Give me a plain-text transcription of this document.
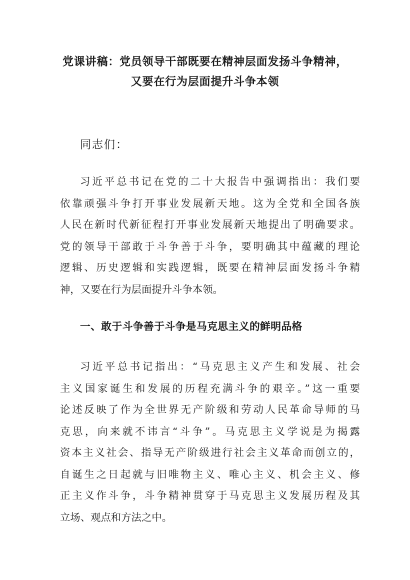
党课讲稿：党员领导干部既要在精神层面发扬斗争精神，
又要在行为层面提升斗争本领
同志们：
习近平总书记在党的二十大报告中强调指出：我们要
依靠顽强斗争打开事业发展新天地。这为全党和全国各族
人民在新时代新征程打开事业发展新天地提出了明确要求。
党的领导干部敢于斗争善于斗争，要明确其中蕴藏的理论
逻辑、历史逻辑和实践逻辑，既要在精神层面发扬斗争精
神，又要在行为层面提升斗争本领。
一、敢于斗争善于斗争是马克思主义的鲜明品格
习近平总书记指出：“马克思主义产生和发展、社会
主义国家诞生和发展的历程充满斗争的艰辛。”这一重要
论述反映了作为全世界无产阶级和劳动人民革命导师的马
克思，向来就不讳言“斗争”。马克思主义学说是为揭露
资本主义社会、指导无产阶级进行社会主义革命而创立的，
自诞生之日起就与旧唯物主义、唯心主义、机会主义、修
正主义作斗争，斗争精神贯穿于马克思主义发展历程及其
立场、观点和方法之中。
